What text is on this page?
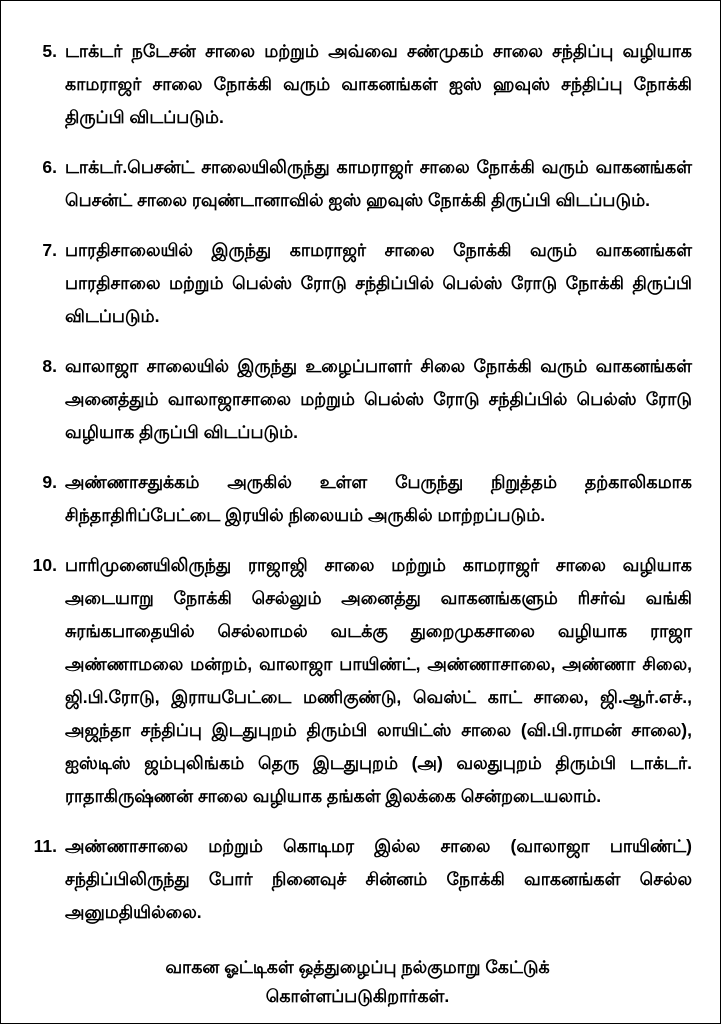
5. டாக்டர் நடேசன் சாலை மற்றும் அவ்வை சண்முகம் சாலை சந்திப்பு வழியாக காமராஜர் சாலை நோக்கி வரும் வாகனங்கள் ஐஸ் ஹவுஸ் சந்திப்பு நோக்கி திருப்பி விடப்படும்.
6. டாக்டர்.பெசன்ட் சாலையிலிருந்து காமராஜர் சாலை நோக்கி வரும் வாகனங்கள் பெசன்ட் சாலை ரவுண்டானாவில் ஐஸ் ஹவுஸ் நோக்கி திருப்பி விடப்படும்.
7. பாரதிசாலையில் இருந்து காமராஜர் சாலை நோக்கி வரும் வாகனங்கள் பாரதிசாலை மற்றும் பெல்ஸ் ரோடு சந்திப்பில் பெல்ஸ் ரோடு நோக்கி திருப்பி விடப்படும்.
8. வாலாஜா சாலையில் இருந்து உழைப்பாளர் சிலை நோக்கி வரும் வாகனங்கள் அனைத்தும் வாலாஜாசாலை மற்றும் பெல்ஸ் ரோடு சந்திப்பில் பெல்ஸ் ரோடு வழியாக திருப்பி விடப்படும்.
9. அண்ணாசதுக்கம் அருகில் உள்ள பேருந்து நிறுத்தம் தற்காலிகமாக சிந்தாதிரிப்பேட்டை இரயில் நிலையம் அருகில் மாற்றப்படும்.
10. பாரிமுனையிலிருந்து ராஜாஜி சாலை மற்றும் காமராஜர் சாலை வழியாக அடையாறு நோக்கி செல்லும் அனைத்து வாகனங்களும் ரிசர்வ் வங்கி சுரங்கபாதையில் செல்லாமல் வடக்கு துறைமுகசாலை வழியாக ராஜா அண்ணாமலை மன்றம், வாலாஜா பாயிண்ட், அண்ணாசாலை, அண்ணா சிலை, ஜி.பி.ரோடு, இராயபேட்டை மணிகுண்டு, வெஸ்ட் காட் சாலை, ஜி.ஆர்.எச்., அஜந்தா சந்திப்பு இடதுபுறம் திரும்பி லாயிட்ஸ் சாலை (வி.பி.ராமன் சாலை), ஐஸ்டிஸ் ஜம்புலிங்கம் தெரு இடதுபுறம் (அ) வலதுபுறம் திரும்பி டாக்டர். ராதாகிருஷ்ணன் சாலை வழியாக தங்கள் இலக்கை சென்றடையலாம்.
11. அண்ணாசாலை மற்றும் கொடிமர இல்ல சாலை (வாலாஜா பாயிண்ட்) சந்திப்பிலிருந்து போர் நினைவுச் சின்னம் நோக்கி வாகனங்கள் செல்ல அனுமதியில்லை.
வாகன ஓட்டிகள் ஒத்துழைப்பு நல்குமாறு கேட்டுக்
கொள்ளப்படுகிறார்கள்.
